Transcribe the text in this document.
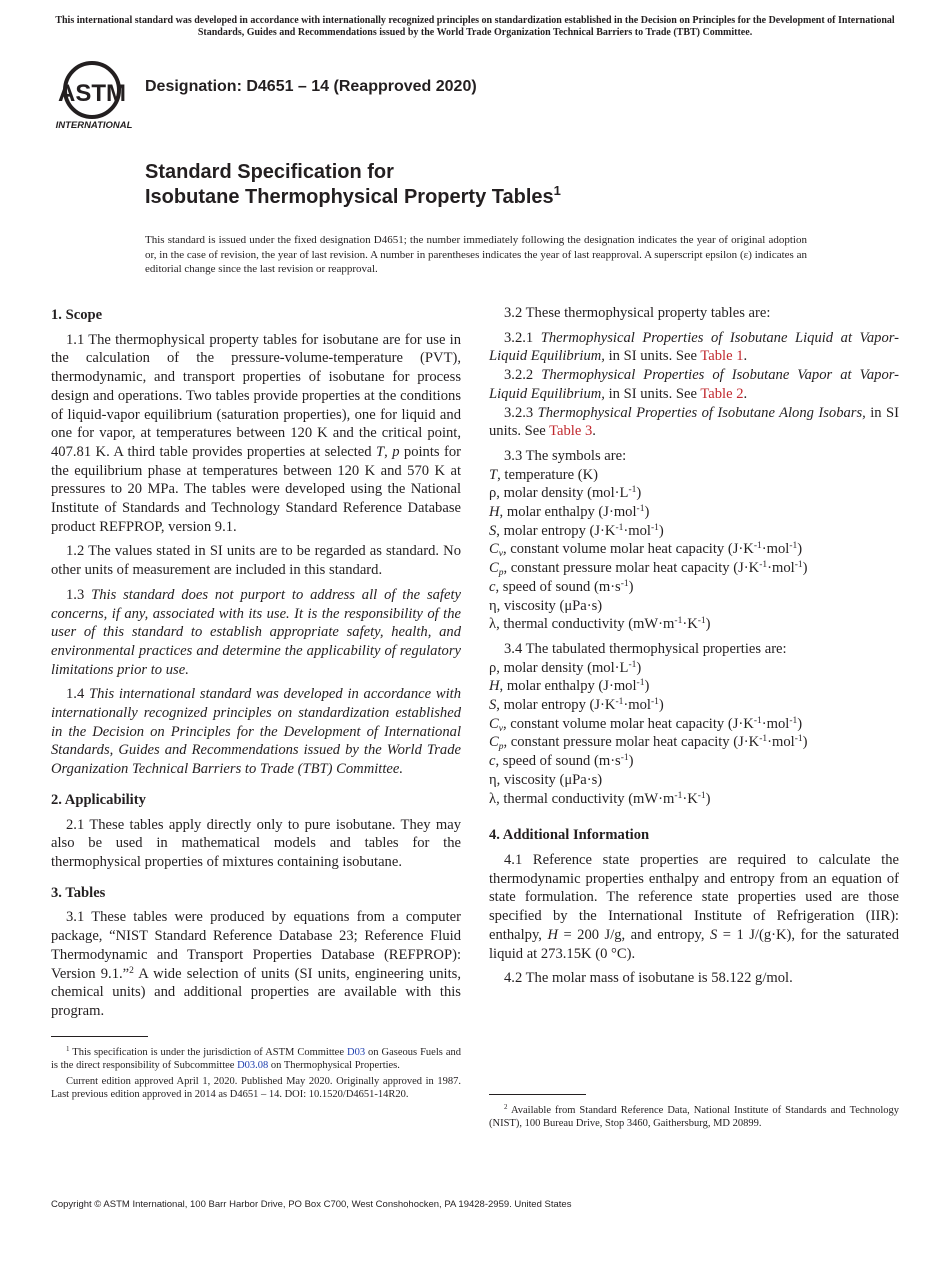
This international standard was developed in accordance with internationally recognized principles on standardization established in the Decision on Principles for the Development of International Standards, Guides and Recommendations issued by the World Trade Organization Technical Barriers to Trade (TBT) Committee.
ASTM
INTERNATIONAL
Designation: D4651 – 14 (Reapproved 2020)
Standard Specification for
Isobutane Thermophysical Property Tables$^1$
This standard is issued under the fixed designation D4651; the number immediately following the designation indicates the year of original adoption or, in the case of revision, the year of last revision. A number in parentheses indicates the year of last reapproval. A superscript epsilon (ε) indicates an editorial change since the last revision or reapproval.
1. Scope

1.1 The thermophysical property tables for isobutane are for use in the calculation of the pressure-volume-temperature (PVT), thermodynamic, and transport properties of isobutane for process design and operations. Two tables provide properties at the conditions of liquid-vapor equilibrium (saturation properties), one for liquid and one for vapor, at temperatures between 120 K and the critical point, 407.81 K. A third table provides properties at selected T, p points for the equilibrium phase at temperatures between 120 K and 570 K at pressures to 20 MPa. The tables were developed using the National Institute of Standards and Technology Standard Reference Database product REFPROP, version 9.1.

1.2 The values stated in SI units are to be regarded as standard. No other units of measurement are included in this standard.

1.3 This standard does not purport to address all of the safety concerns, if any, associated with its use. It is the responsibility of the user of this standard to establish appropriate safety, health, and environmental practices and determine the applicability of regulatory limitations prior to use.

1.4 This international standard was developed in accordance with internationally recognized principles on standardization established in the Decision on Principles for the Development of International Standards, Guides and Recommendations issued by the World Trade Organization Technical Barriers to Trade (TBT) Committee.

2. Applicability

2.1 These tables apply directly only to pure isobutane. They may also be used in mathematical models and tables for the thermophysical properties of mixtures containing isobutane.

3. Tables

3.1 These tables were produced by equations from a computer package, “NIST Standard Reference Database 23; Reference Fluid Thermodynamic and Transport Properties Database (REFPROP): Version 9.1.”$^2$ A wide selection of units (SI units, engineering units, chemical units) and additional properties are available with this program.

3.2 These thermophysical property tables are:

3.2.1 Thermophysical Properties of Isobutane Liquid at Vapor-Liquid Equilibrium, in SI units. See Table 1.

3.2.2 Thermophysical Properties of Isobutane Vapor at Vapor-Liquid Equilibrium, in SI units. See Table 2.

3.2.3 Thermophysical Properties of Isobutane Along Isobars, in SI units. See Table 3.

3.3 The symbols are:

T, temperature (K)

ρ, molar density $(mol\cdot L^{-1})$

H, molar enthalpy (J·mol$^{-1}$)

S, molar entropy $(J\cdot K^{-1}\cdot mol^{-1})$

$C_v$, constant volume molar heat capacity $(J\cdot K^{-1}\cdot mol^{-1})$

$C_p$, constant pressure molar heat capacity $(J\cdot K^{-1}\cdot mol^{-1})$

c, speed of sound $(m\cdot s^{-1})$

η, viscosity (μPa·s)

λ, thermal conductivity $(mW\cdot m^{-1}\cdot K^{-1})$

3.4 The tabulated thermophysical properties are:

ρ, molar density $(mol\cdot L^{-1})$

H, molar enthalpy (J·mol$^{-1}$)

S, molar entropy $(J\cdot K^{-1}\cdot mol^{-1})$

$C_v$, constant volume molar heat capacity $(J\cdot K^{-1}\cdot mol^{-1})$

$C_p$, constant pressure molar heat capacity $(J\cdot K^{-1}\cdot mol^{-1})$

c, speed of sound $(m\cdot s^{-1})$

η, viscosity (μPa·s)

λ, thermal conductivity $(mW\cdot m^{-1}\cdot K^{-1})$

4. Additional Information

4.1 Reference state properties are required to calculate the thermodynamic properties enthalpy and entropy from an equation of state formulation. The reference state properties used are those specified by the International Institute of Refrigeration (IIR): enthalpy, H = 200 J/g, and entropy, S = 1 J/(g·K), for the saturated liquid at 273.15K (0 °C).

4.2 The molar mass of isobutane is 58.122 g/mol.

$^1$ This specification is under the jurisdiction of ASTM Committee D03 on Gaseous Fuels and is the direct responsibility of Subcommittee D03.08 on Thermophysical Properties.

Current edition approved April 1, 2020. Published May 2020. Originally approved in 1987. Last previous edition approved in 2014 as D4651 – 14. DOI: 10.1520/D4651-14R20.

$^2$ Available from Standard Reference Data, National Institute of Standards and Technology (NIST), 100 Bureau Drive, Stop 3460, Gaithersburg, MD 20899.

Copyright © ASTM International, 100 Barr Harbor Drive, PO Box C700, West Conshohocken, PA 19428-2959. United States
